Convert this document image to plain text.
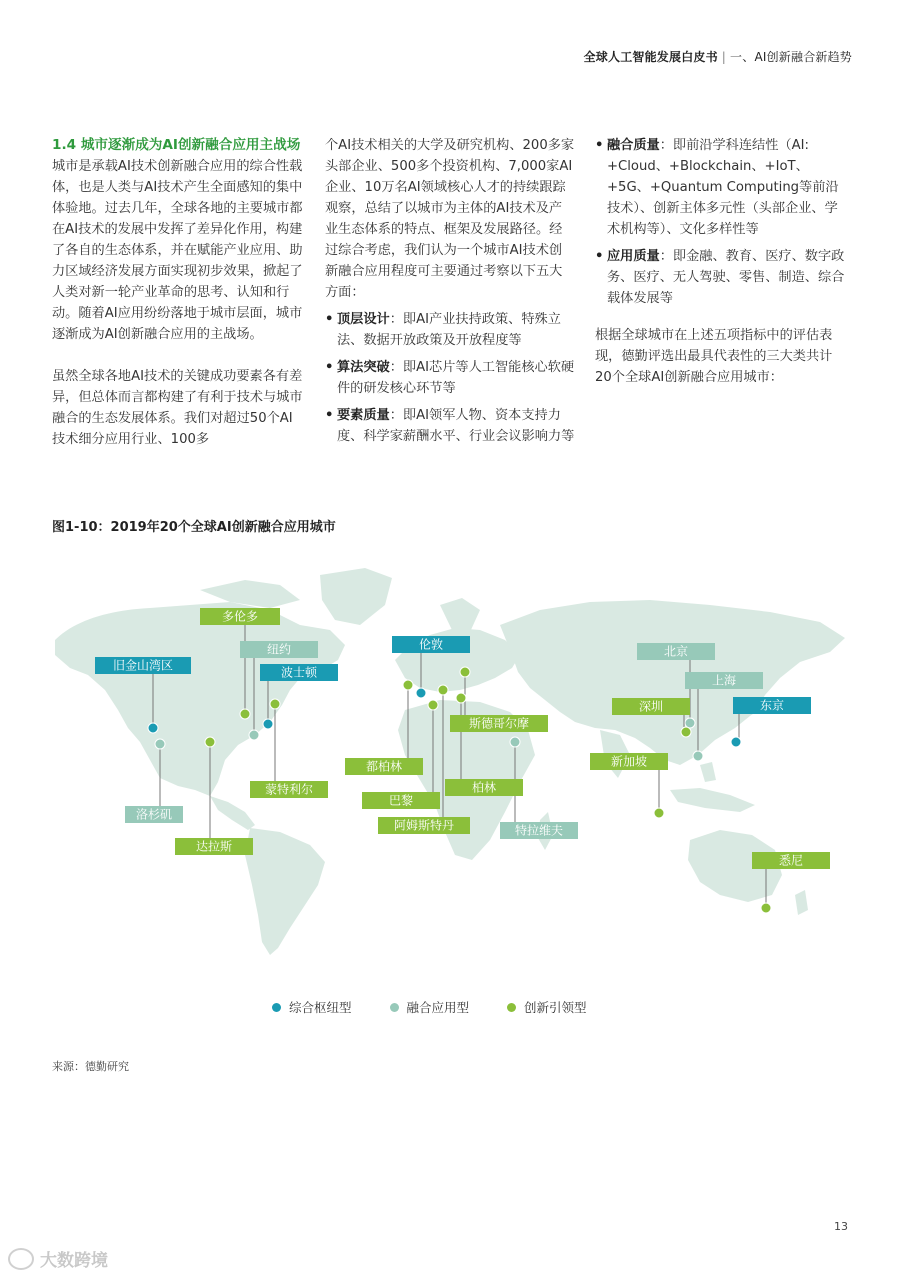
全球人工智能发展白皮书 | 一、AI创新融合新趋势
1.4 城市逐渐成为AI创新融合应用主战场

城市是承载AI技术创新融合应用的综合性载体，也是人类与AI技术产生全面感知的集中体验地。过去几年，全球各地的主要城市都在AI技术的发展中发挥了差异化作用，构建了各自的生态体系，并在赋能产业应用、助力区域经济发展方面实现初步效果，掀起了人类对新一轮产业革命的思考、认知和行动。随着AI应用纷纷落地于城市层面，城市逐渐成为AI创新融合应用的主战场。

虽然全球各地AI技术的关键成功要素各有差异，但总体而言都构建了有利于技术与城市融合的生态发展体系。我们对超过50个AI技术细分应用行业、100多

个AI技术相关的大学及研究机构、200多家头部企业、500多个投资机构、7,000家AI企业、10万名AI领域核心人才的持续跟踪观察，总结了以城市为主体的AI技术及产业生态体系的特点、框架及发展路径。经过综合考虑，我们认为一个城市AI技术创新融合应用程度可主要通过考察以下五大方面：

• 顶层设计：即AI产业扶持政策、特殊立法、数据开放政策及开放程度等
• 算法突破：即AI芯片等人工智能核心软硬件的研发核心环节等
• 要素质量：即AI领军人物、资本支持力度、科学家薪酬水平、行业会议影响力等
• 融合质量：即前沿学科连结性（AI: +Cloud、+Blockchain、+IoT、+5G、+Quantum Computing等前沿技术）、创新主体多元性（头部企业、学术机构等）、文化多样性等
• 应用质量：即金融、教育、医疗、数字政务、医疗、无人驾驶、零售、制造、综合载体发展等

根据全球城市在上述五项指标中的评估表现，德勤评选出最具代表性的三大类共计20个全球AI创新融合应用城市：

图1-10：2019年20个全球AI创新融合应用城市
旧金山湾区
洛杉矶
达拉斯
多伦多
纽约
波士顿
蒙特利尔
伦敦
都柏林
巴黎
阿姆斯特丹
柏林
斯德哥尔摩
特拉维夫
北京
上海
深圳
新加坡
东京
悉尼
综合枢纽型	融合应用型	创新引领型
来源：德勤研究
13
大数跨境
